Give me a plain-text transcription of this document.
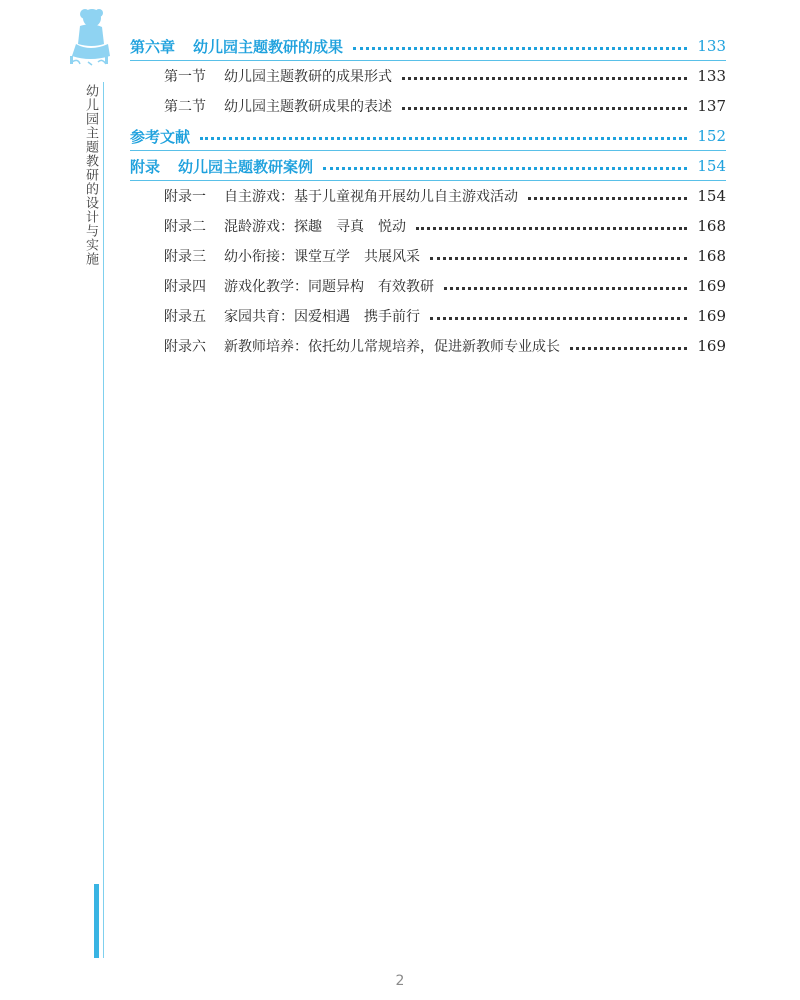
幼儿园主题教研的设计与实施
第六章 幼儿园主题教研的成果	133
第一节 幼儿园主题教研的成果形式	133
第二节 幼儿园主题教研成果的表述	137
参考文献	152
附录 幼儿园主题教研案例	154
附录一 自主游戏：基于儿童视角开展幼儿自主游戏活动	154
附录二 混龄游戏：探趣　寻真　悦动	168
附录三 幼小衔接：课堂互学　共展风采	168
附录四 游戏化教学：同题异构　有效教研	169
附录五 家园共育：因爱相遇　携手前行	169
附录六 新教师培养：依托幼儿常规培养，促进新教师专业成长	169
2
